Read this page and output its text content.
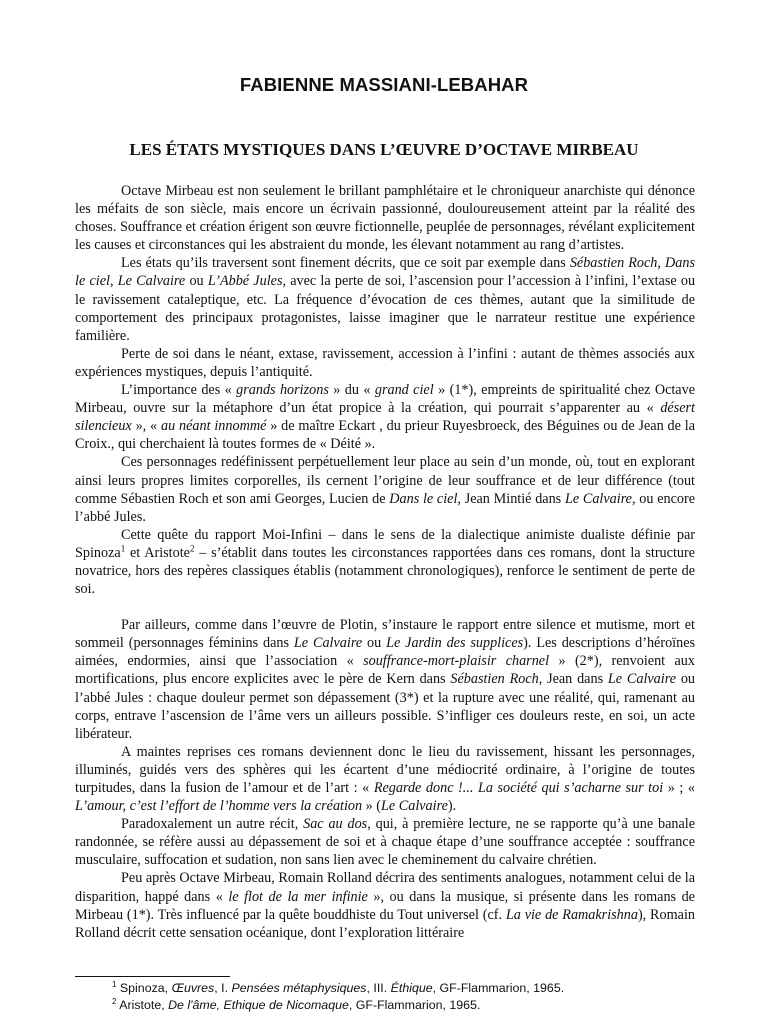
FABIENNE MASSIANI-LEBAHAR
LES ÉTATS MYSTIQUES DANS L’ŒUVRE D’OCTAVE MIRBEAU

Octave Mirbeau est non seulement le brillant pamphlétaire et le chroniqueur anarchiste qui dénonce les méfaits de son siècle, mais encore un écrivain passionné, douloureusement atteint par la réalité des choses. Souffrance et création érigent son œuvre fictionnelle, peuplée de personnages, révélant explicitement les causes et circonstances qui les abstraient du monde, les élevant notamment au rang d’artistes.

Les états qu’ils traversent sont finement décrits, que ce soit par exemple dans Sébastien Roch, Dans le ciel, Le Calvaire ou L’Abbé Jules, avec la perte de soi, l’ascension pour l’accession à l’infini, l’extase ou le ravissement cataleptique, etc. La fréquence d’évocation de ces thèmes, autant que la similitude de comportement des principaux protagonistes, laisse imaginer que le narrateur restitue une expérience familière.

Perte de soi dans le néant, extase, ravissement, accession à l’infini : autant de thèmes associés aux expériences mystiques, depuis l’antiquité.

L’importance des « grands horizons » du « grand ciel » (1*), empreints de spiritualité chez Octave Mirbeau, ouvre sur la métaphore d’un état propice à la création, qui pourrait s’apparenter au « désert silencieux », « au néant innommé » de maître Eckart , du prieur Ruyesbroeck, des Béguines ou de Jean de la Croix., qui cherchaient là toutes formes de « Déité ».

Ces personnages redéfinissent perpétuellement leur place au sein d’un monde, où, tout en explorant ainsi leurs propres limites corporelles, ils cernent l’origine de leur souffrance et de leur différence (tout comme Sébastien Roch et son ami Georges, Lucien de Dans le ciel, Jean Mintié dans Le Calvaire, ou encore l’abbé Jules.

Cette quête du rapport Moi-Infini – dans le sens de la dialectique animiste dualiste définie par Spinoza$^1$ et Aristote$^2$ – s’établit dans toutes les circonstances rapportées dans ces romans, dont la structure novatrice, hors des repères classiques établis (notamment chronologiques), renforce le sentiment de perte de soi.

Par ailleurs, comme dans l’œuvre de Plotin, s’instaure le rapport entre silence et mutisme, mort et sommeil (personnages féminins dans Le Calvaire ou Le Jardin des supplices). Les descriptions d’héroïnes aimées, endormies, ainsi que l’association « souffrance-mort-plaisir charnel » (2*), renvoient aux mortifications, plus encore explicites avec le père de Kern dans Sébastien Roch, Jean dans Le Calvaire ou l’abbé Jules : chaque douleur permet son dépassement (3*) et la rupture avec une réalité, qui, ramenant au corps, entrave l’ascension de l’âme vers un ailleurs possible. S’infliger ces douleurs reste, en soi, un acte libérateur.

A maintes reprises ces romans deviennent donc le lieu du ravissement, hissant les personnages, illuminés, guidés vers des sphères qui les écartent d’une médiocrité ordinaire, à l’origine de toutes turpitudes, dans la fusion de l’amour et de l’art : « Regarde donc !... La société qui s’acharne sur toi » ; « L’amour, c’est l’effort de l’homme vers la création » (Le Calvaire).

Paradoxalement un autre récit, Sac au dos, qui, à première lecture, ne se rapporte qu’à une banale randonnée, se réfère aussi au dépassement de soi et à chaque étape d’une souffrance acceptée : souffrance musculaire, suffocation et sudation, non sans lien avec le cheminement du calvaire chrétien.

Peu après Octave Mirbeau, Romain Rolland décrira des sentiments analogues, notamment celui de la disparition, happé dans « le flot de la mer infinie », ou dans la musique, si présente dans les romans de Mirbeau (1*). Très influencé par la quête bouddhiste du Tout universel (cf. La vie de Ramakrishna), Romain Rolland décrit cette sensation océanique, dont l’exploration littéraire

$^1$ Spinoza, Œuvres, I. Pensées métaphysiques, III. Éthique, GF-Flammarion, 1965.
$^2$ Aristote, De l'âme, Ethique de Nicomaque, GF-Flammarion, 1965.
